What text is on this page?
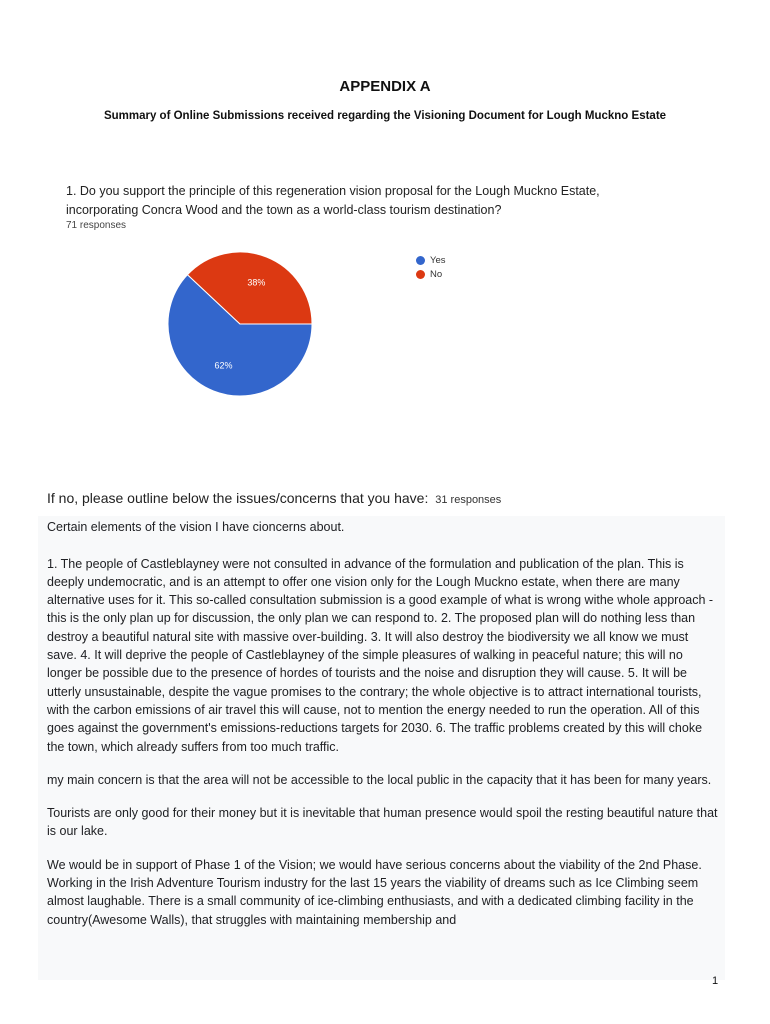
APPENDIX A
Summary of Online Submissions received regarding the Visioning Document for Lough Muckno Estate
1. Do you support the principle of this regeneration vision proposal for the Lough Muckno Estate, incorporating Concra Wood and the town as a world-class tourism destination?
71 responses
62%
38%
Yes
No
If no, please outline below the issues/concerns that you have: 31 responses
Certain elements of the vision I have cioncerns about.

1. The people of Castleblayney were not consulted in advance of the formulation and publication of the plan. This is deeply undemocratic, and is an attempt to offer one vision only for the Lough Muckno estate, when there are many alternative uses for it. This so-called consultation submission is a good example of what is wrong withe whole approach - this is the only plan up for discussion, the only plan we can respond to. 2. The proposed plan will do nothing less than destroy a beautiful natural site with massive over-building. 3. It will also destroy the biodiversity we all know we must save. 4. It will deprive the people of Castleblayney of the simple pleasures of walking in peaceful nature; this will no longer be possible due to the presence of hordes of tourists and the noise and disruption they will cause. 5. It will be utterly unsustainable, despite the vague promises to the contrary; the whole objective is to attract international tourists, with the carbon emissions of air travel this will cause, not to mention the energy needed to run the operation. All of this goes against the government's emissions-reductions targets for 2030. 6. The traffic problems created by this will choke the town, which already suffers from too much traffic.
my main concern is that the area will not be accessible to the local public in the capacity that it has been for many years.
Tourists are only good for their money but it is inevitable that human presence would spoil the resting beautiful nature that is our lake.
We would be in support of Phase 1 of the Vision; we would have serious concerns about the viability of the 2nd Phase. Working in the Irish Adventure Tourism industry for the last 15 years the viability of dreams such as Ice Climbing seem almost laughable. There is a small community of ice-climbing enthusiasts, and with a dedicated climbing facility in the country(Awesome Walls), that struggles with maintaining membership and
1
